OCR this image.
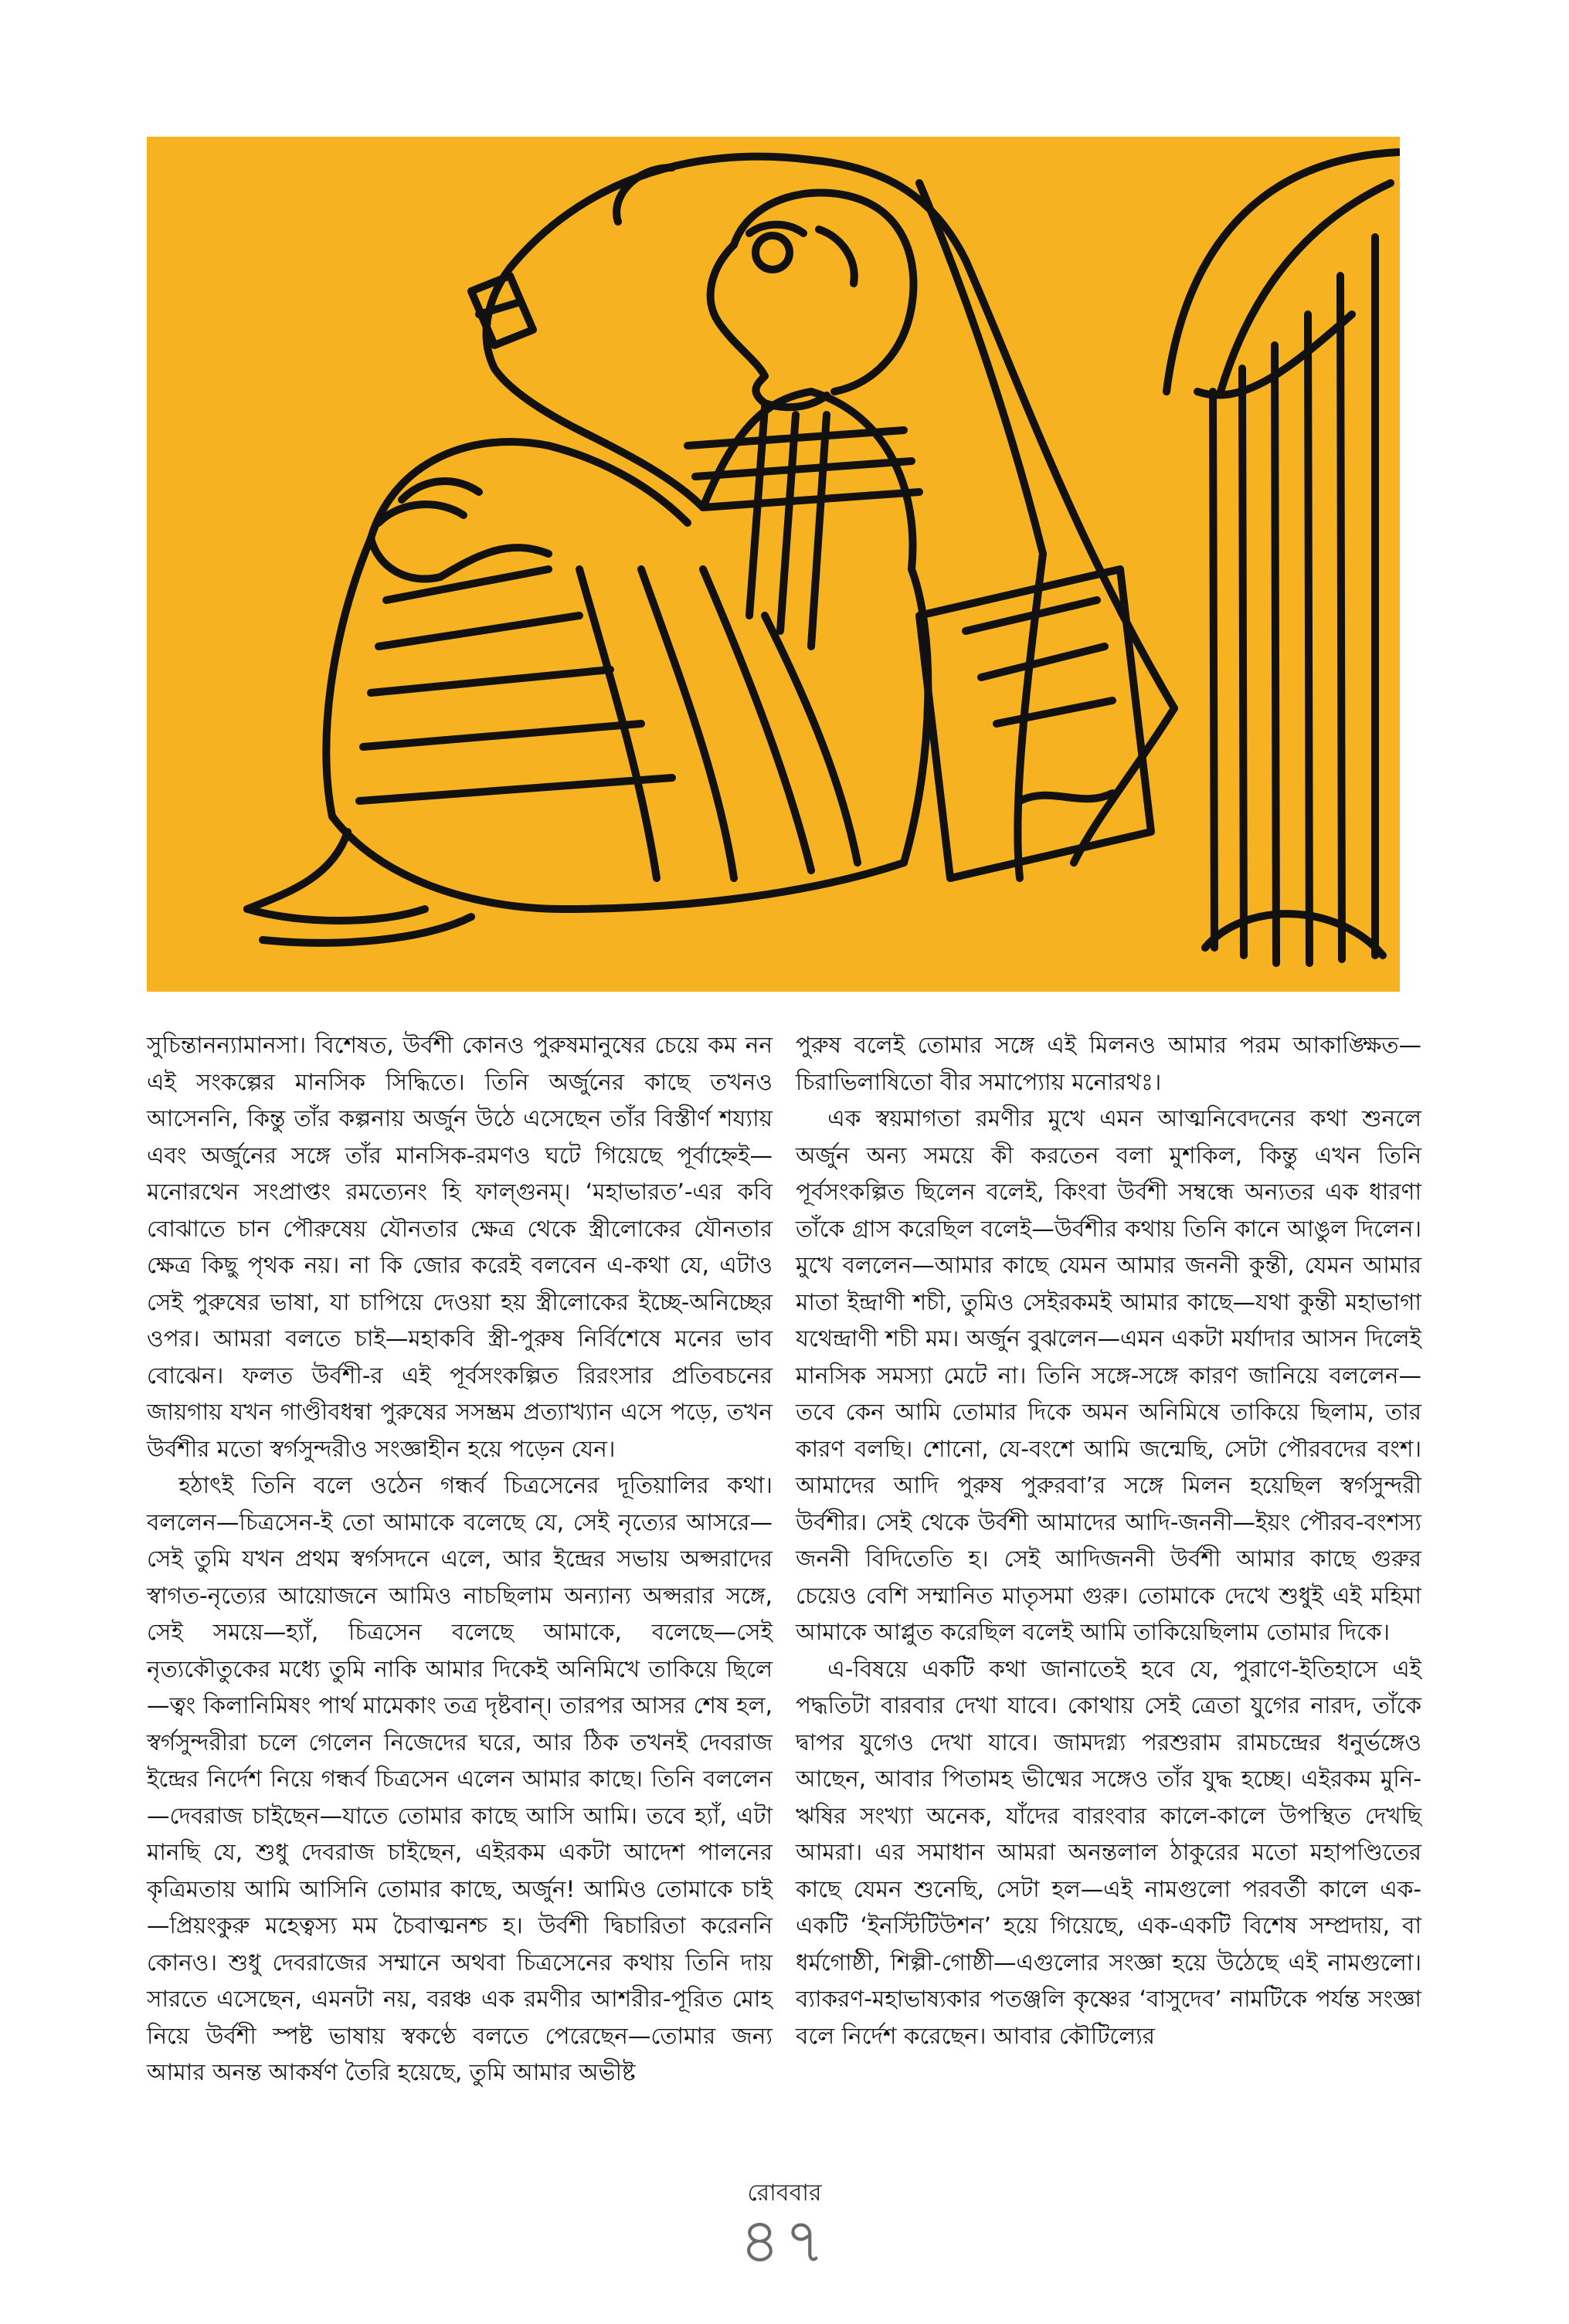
সুচিন্তানন্যামানসা। বিশেষত, উর্বশী কোনও পুরুষমানুষের চেয়ে কম নন এই সংকল্পের মানসিক সিদ্ধিতে। তিনি অর্জুনের কাছে তখনও আসেননি, কিন্তু তাঁর কল্পনায় অর্জুন উঠে এসেছেন তাঁর বিস্তীর্ণ শয্যায় এবং অর্জুনের সঙ্গে তাঁর মানসিক-রমণও ঘটে গিয়েছে পূর্বাহ্নেই—মনোরথেন সংপ্রাপ্তং রমত্যেনং হি ফাল্গুনম্। ‘মহাভারত’-এর কবি বোঝাতে চান পৌরুষেয় যৌনতার ক্ষেত্র থেকে স্ত্রীলোকের যৌনতার ক্ষেত্র কিছু পৃথক নয়। না কি জোর করেই বলবেন এ-কথা যে, এটাও সেই পুরুষের ভাষা, যা চাপিয়ে দেওয়া হয় স্ত্রীলোকের ইচ্ছে-অনিচ্ছের ওপর। আমরা বলতে চাই—মহাকবি স্ত্রী-পুরুষ নির্বিশেষে মনের ভাব বোঝেন। ফলত উর্বশী-র এই পূর্বসংকল্পিত রিরংসার প্রতিবচনের জায়গায় যখন গাণ্ডীবধন্বা পুরুষের সসম্ভ্রম প্রত্যাখ্যান এসে পড়ে, তখন উর্বশীর মতো স্বর্গসুন্দরীও সংজ্ঞাহীন হয়ে পড়েন যেন।

হঠাৎই তিনি বলে ওঠেন গন্ধর্ব চিত্রসেনের দূতিয়ালির কথা। বললেন—চিত্রসেন-ই তো আমাকে বলেছে যে, সেই নৃত্যের আসরে—সেই তুমি যখন প্রথম স্বর্গসদনে এলে, আর ইন্দ্রের সভায় অপ্সরাদের স্বাগত-নৃত্যের আয়োজনে আমিও নাচছিলাম অন্যান্য অপ্সরার সঙ্গে, সেই সময়ে—হ্যাঁ, চিত্রসেন বলেছে আমাকে, বলেছে—সেই নৃত্যকৌতুকের মধ্যে তুমি নাকি আমার দিকেই অনিমিখে তাকিয়ে ছিলে—ত্বং কিলানিমিষং পার্থ মামেকাং তত্র দৃষ্টবান্। তারপর আসর শেষ হল, স্বর্গসুন্দরীরা চলে গেলেন নিজেদের ঘরে, আর ঠিক তখনই দেবরাজ ইন্দ্রের নির্দেশ নিয়ে গন্ধর্ব চিত্রসেন এলেন আমার কাছে। তিনি বললেন—দেবরাজ চাইছেন—যাতে তোমার কাছে আসি আমি। তবে হ্যাঁ, এটা মানছি যে, শুধু দেবরাজ চাইছেন, এইরকম একটা আদেশ পালনের কৃত্রিমতায় আমি আসিনি তোমার কাছে, অর্জুন! আমিও তোমাকে চাই—প্রিয়ংকুরু মহেত্বস্য মম চৈবাত্মনশ্চ হ। উর্বশী দ্বিচারিতা করেননি কোনও। শুধু দেবরাজের সম্মানে অথবা চিত্রসেনের কথায় তিনি দায় সারতে এসেছেন, এমনটা নয়, বরঞ্চ এক রমণীর আশরীর-পূরিত মোহ নিয়ে উর্বশী স্পষ্ট ভাষায় স্বকণ্ঠে বলতে পেরেছেন—তোমার জন্য আমার অনন্ত আকর্ষণ তৈরি হয়েছে, তুমি আমার অভীষ্ট

পুরুষ বলেই তোমার সঙ্গে এই মিলনও আমার পরম আকাঙ্ক্ষিত—চিরাভিলাষিতো বীর সমাপ্যোয় মনোরথঃ।

এক স্বয়মাগতা রমণীর মুখে এমন আত্মনিবেদনের কথা শুনলে অর্জুন অন্য সময়ে কী করতেন বলা মুশকিল, কিন্তু এখন তিনি পূর্বসংকল্পিত ছিলেন বলেই, কিংবা উর্বশী সম্বন্ধে অন্যতর এক ধারণা তাঁকে গ্রাস করেছিল বলেই—উর্বশীর কথায় তিনি কানে আঙুল দিলেন। মুখে বললেন—আমার কাছে যেমন আমার জননী কুন্তী, যেমন আমার মাতা ইন্দ্রাণী শচী, তুমিও সেইরকমই আমার কাছে—যথা কুন্তী মহাভাগা যথেন্দ্রাণী শচী মম। অর্জুন বুঝলেন—এমন একটা মর্যাদার আসন দিলেই মানসিক সমস্যা মেটে না। তিনি সঙ্গে-সঙ্গে কারণ জানিয়ে বললেন—তবে কেন আমি তোমার দিকে অমন অনিমিষে তাকিয়ে ছিলাম, তার কারণ বলছি। শোনো, যে-বংশে আমি জন্মেছি, সেটা পৌরবদের বংশ। আমাদের আদি পুরুষ পুরুরবা’র সঙ্গে মিলন হয়েছিল স্বর্গসুন্দরী উর্বশীর। সেই থেকে উর্বশী আমাদের আদি-জননী—ইয়ং পৌরব-বংশস্য জননী বিদিতেতি হ। সেই আদিজননী উর্বশী আমার কাছে গুরুর চেয়েও বেশি সম্মানিত মাতৃসমা গুরু। তোমাকে দেখে শুধুই এই মহিমা আমাকে আপ্লুত করেছিল বলেই আমি তাকিয়েছিলাম তোমার দিকে।

এ-বিষয়ে একটি কথা জানাতেই হবে যে, পুরাণে-ইতিহাসে এই পদ্ধতিটা বারবার দেখা যাবে। কোথায় সেই ত্রেতা যুগের নারদ, তাঁকে দ্বাপর যুগেও দেখা যাবে। জামদগ্ন্য পরশুরাম রামচন্দ্রের ধনুর্ভঙ্গেও আছেন, আবার পিতামহ ভীষ্মের সঙ্গেও তাঁর যুদ্ধ হচ্ছে। এইরকম মুনি-ঋষির সংখ্যা অনেক, যাঁদের বারংবার কালে-কালে উপস্থিত দেখছি আমরা। এর সমাধান আমরা অনন্তলাল ঠাকুরের মতো মহাপণ্ডিতের কাছে যেমন শুনেছি, সেটা হল—এই নামগুলো পরবর্তী কালে এক-একটি ‘ইনস্টিটিউশন’ হয়ে গিয়েছে, এক-একটি বিশেষ সম্প্রদায়, বা ধর্মগোষ্ঠী, শিল্পী-গোষ্ঠী—এগুলোর সংজ্ঞা হয়ে উঠেছে এই নামগুলো। ব্যাকরণ-মহাভাষ্যকার পতঞ্জলি কৃষ্ণের ‘বাসুদেব’ নামটিকে পর্যন্ত সংজ্ঞা বলে নির্দেশ করেছেন। আবার কৌটিল্যের

রোববার
৪৭
